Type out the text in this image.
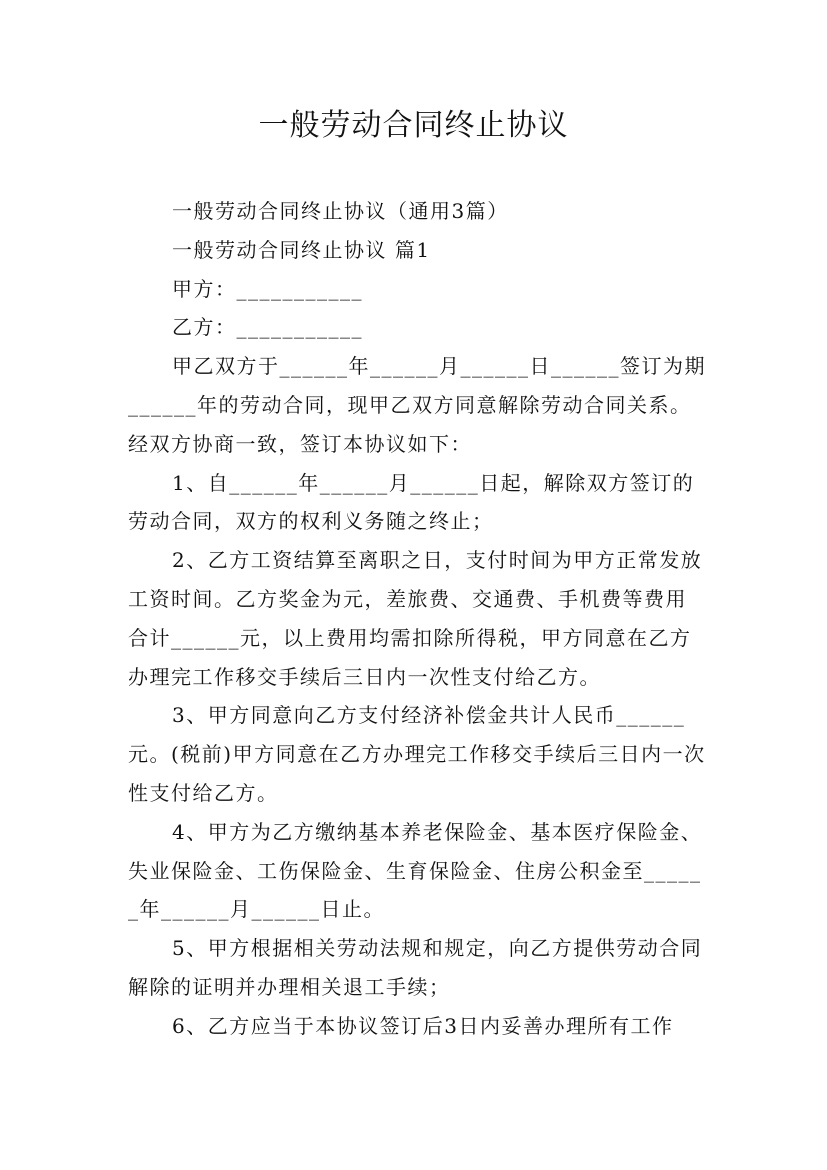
一般劳动合同终止协议

一般劳动合同终止协议（通用3篇）

一般劳动合同终止协议 篇1

甲方：___________

乙方：___________

甲乙双方于______年______月______日______签订为期______年的劳动合同，现甲乙双方同意解除劳动合同关系。经双方协商一致，签订本协议如下：

1、自______年______月______日起，解除双方签订的劳动合同，双方的权利义务随之终止；

2、乙方工资结算至离职之日，支付时间为甲方正常发放工资时间。乙方奖金为元，差旅费、交通费、手机费等费用合计______元，以上费用均需扣除所得税，甲方同意在乙方办理完工作移交手续后三日内一次性支付给乙方。

3、甲方同意向乙方支付经济补偿金共计人民币______元。(税前)甲方同意在乙方办理完工作移交手续后三日内一次性支付给乙方。

4、甲方为乙方缴纳基本养老保险金、基本医疗保险金、失业保险金、工伤保险金、生育保险金、住房公积金至______年______月______日止。

5、甲方根据相关劳动法规和规定，向乙方提供劳动合同解除的证明并办理相关退工手续；

6、乙方应当于本协议签订后3日内妥善办理所有工作
